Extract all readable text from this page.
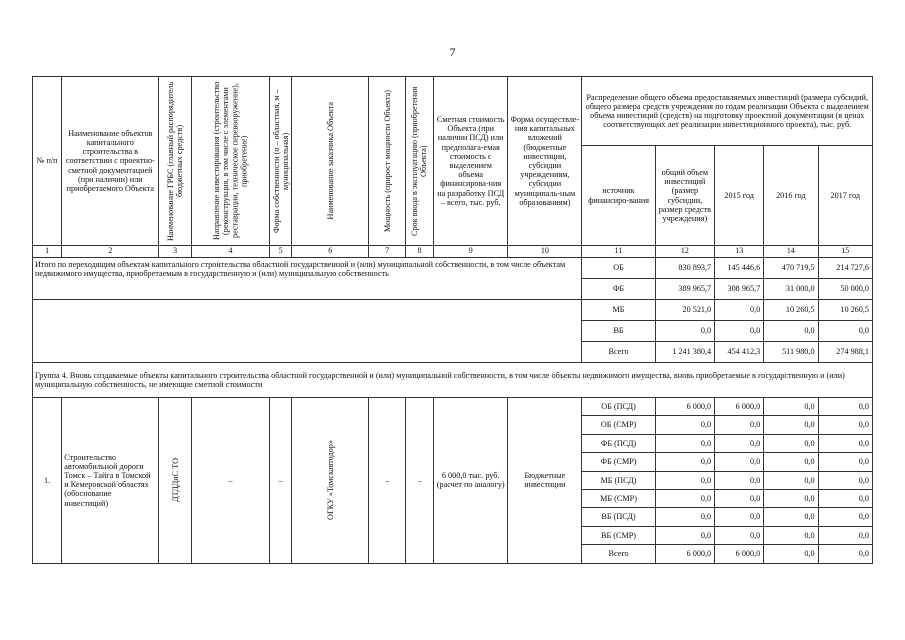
7
№ п/п	Наименование объектов капитального строительства в соответствии с проектно-сметной документацией (при наличии) или приобретаемого Объекта	Наименование ГРБС (главный распорядитель бюджетных средств)	Направление инвестирования (строительство (реконструкция, в том числе с элементами реставрации, техническое перевооружение), приобретение)	Форма собственности (о – областная, м – муниципальная)	Наименование заказчика Объекта	Мощность (прирост мощности Объекта)	Срок ввода в эксплуатацию (приобретения Объекта)	Сметная стоимость Объекта (при наличии ПСД) или предполага-емая стоимость с выделением объема финансирова-ния на разработку ПСД – всего, тыс. руб.	Форма осуществле-ния капитальных вложений (бюджетные инвестиции, субсидии учреждениям, субсидии муниципаль-ным образованиям)	Распределение общего объема предоставляемых инвестиций (размера субсидий, общего размера средств учреждения по годам реализации Объекта с выделением объема инвестиций (средств) на подготовку проектной документации (в ценах соответствующих лет реализации инвестиционного проекта), тыс. руб.				
										источник финансиро-вания	общий объем инвестиций (размер субсидии, размер средств учреждения)	2015 год	2016 год	2017 год
1	2	3	4	5	6	7	8	9	10	11	12	13	14	15
Итого по переходящим объектам капитального строительства областной государственной и (или) муниципальной собственности, в том числе объектам недвижимого имущества, приобретаемым в государственную и (или) муниципальную собственность										ОБ	830 893,7	145 446,6	470 719,5	214 727,6
										ФБ	389 965,7	308 965,7	31 000,0	50 000,0
										МБ	20 521,0	0,0	10 260,5	10 260,5
										ВБ	0,0	0,0	0,0	0,0
										Всего	1 241 380,4	454 412,3	511 980,0	274 988,1
Группа 4. Вновь создаваемые объекты капитального строительства областной государственной и (или) муниципальной собственности, в том числе объекты недвижимого имущества, вновь приобретаемые в государственную и (или) муниципальную собственность, не имеющие сметной стоимости														
1.	Строительство автомобильной дороги Томск – Тайга в Томской и Кемеровской областях (обоснование инвестиций)	ДТДДиС ТО	–	–	ОГКУ «Томскавтодор»	–	–	6 000,0 тыс. руб. (расчет по аналогу)	Бюджетные инвестиции	ОБ (ПСД)	6 000,0	6 000,0	0,0	0,0
										ОБ (СМР)	0,0	0,0	0,0	0,0
										ФБ (ПСД)	0,0	0,0	0,0	0,0
										ФБ (СМР)	0,0	0,0	0,0	0,0
										МБ (ПСД)	0,0	0,0	0,0	0,0
										МБ (СМР)	0,0	0,0	0,0	0,0
										ВБ (ПСД)	0,0	0,0	0,0	0,0
										ВБ (СМР)	0,0	0,0	0,0	0,0
										Всего	6 000,0	6 000,0	0,0	0,0
